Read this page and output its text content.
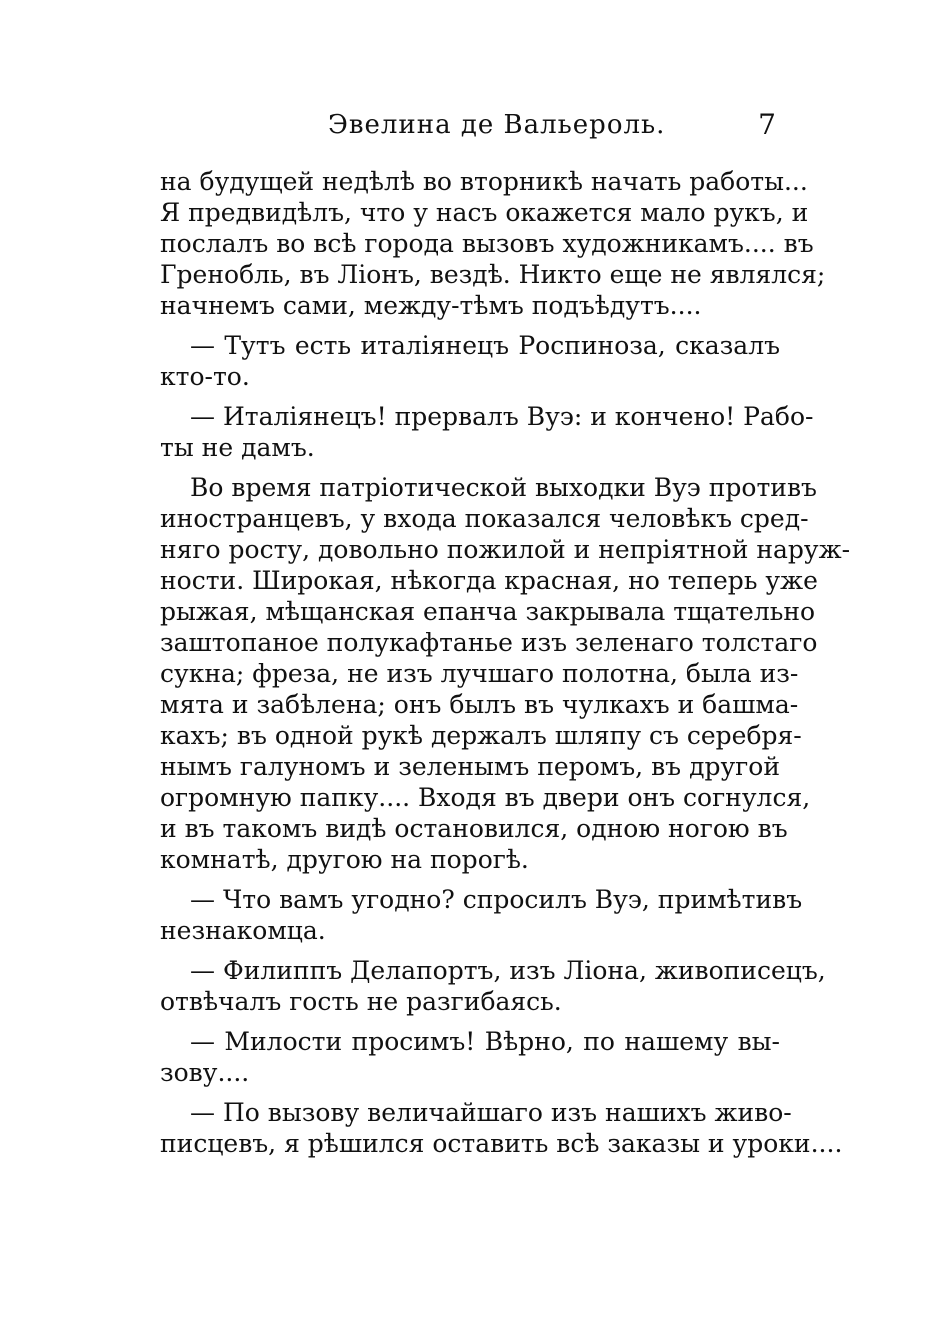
Эвелина де Вальероль.	7
на будущей недѣлѣ во вторникѣ начать работы...
Я предвидѣлъ, что у насъ окажется мало рукъ, и
послалъ во всѣ города вызовъ художникамъ.... въ
Гренобль, въ Ліонъ, вездѣ. Никто еще не являлся;
начнемъ сами, между-тѣмъ подъѣдутъ....
— Тутъ есть италіянецъ Роспиноза, сказалъ
кто-то.
— Италіянецъ! прервалъ Вуэ: и кончено! Рабо-
ты не дамъ.
Во время патріотической выходки Вуэ противъ
иностранцевъ, у входа показался человѣкъ сред-
няго росту, довольно пожилой и непріятной наруж-
ности. Широкая, нѣкогда красная, но теперь уже
рыжая, мѣщанская епанча закрывала тщательно
заштопаное полукафтанье изъ зеленаго толстаго
сукна; фреза, не изъ лучшаго полотна, была из-
мята и забѣлена; онъ былъ въ чулкахъ и башма-
кахъ; въ одной рукѣ держалъ шляпу съ серебря-
нымъ галуномъ и зеленымъ перомъ, въ другой
огромную папку.... Входя въ двери онъ согнулся,
и въ такомъ видѣ остановился, одною ногою въ
комнатѣ, другою на порогѣ.
— Что вамъ угодно? спросилъ Вуэ, примѣтивъ
незнакомца.
— Филиппъ Делапортъ, изъ Ліона, живописецъ,
отвѣчалъ гость не разгибаясь.
— Милости просимъ! Вѣрно, по нашему вы-
зову....
— По вызову величайшаго изъ нашихъ живо-
писцевъ, я рѣшился оставить всѣ заказы и уроки....
